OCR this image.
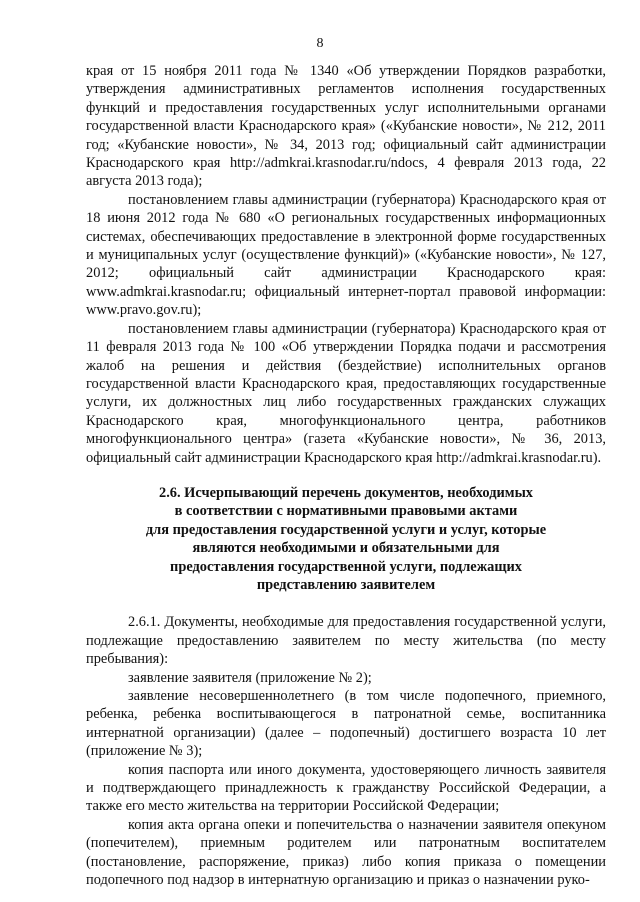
8

края от 15 ноября 2011 года № 1340 «Об утверждении Порядков разработки, утверждения административных регламентов исполнения государственных функций и предоставления государственных услуг исполнительными органами государственной власти Краснодарского края» («Кубанские новости», № 212, 2011 год; «Кубанские новости», № 34, 2013 год; официальный сайт администрации Краснодарского края http://admkrai.krasnodar.ru/ndocs, 4 февраля 2013 года, 22 августа 2013 года);

постановлением главы администрации (губернатора) Краснодарского края от 18 июня 2012 года № 680 «О региональных государственных информационных системах, обеспечивающих предоставление в электронной форме государственных и муниципальных услуг (осуществление функций)» («Кубанские новости», № 127, 2012; официальный сайт администрации Краснодарского края: www.admkrai.krasnodar.ru; официальный интернет-портал правовой информации: www.pravo.gov.ru);

постановлением главы администрации (губернатора) Краснодарского края от 11 февраля 2013 года № 100 «Об утверждении Порядка подачи и рассмотрения жалоб на решения и действия (бездействие) исполнительных органов государственной власти Краснодарского края, предоставляющих государственные услуги, их должностных лиц либо государственных гражданских служащих Краснодарского края, многофункционального центра, работников многофункционального центра» (газета «Кубанские новости», № 36, 2013, официальный сайт администрации Краснодарского края http://admkrai.krasnodar.ru).

2.6. Исчерпывающий перечень документов, необходимых
в соответствии с нормативными правовыми актами
для предоставления государственной услуги и услуг, которые
являются необходимыми и обязательными для
предоставления государственной услуги, подлежащих
представлению заявителем

2.6.1. Документы, необходимые для предоставления государственной услуги, подлежащие предоставлению заявителем по месту жительства (по месту пребывания):

заявление заявителя (приложение № 2);

заявление несовершеннолетнего (в том числе подопечного, приемного, ребенка, ребенка воспитывающегося в патронатной семье, воспитанника интернатной организации) (далее – подопечный) достигшего возраста 10 лет (приложение № 3);

копия паспорта или иного документа, удостоверяющего личность заявителя и подтверждающего принадлежность к гражданству Российской Федерации, а также его место жительства на территории Российской Федерации;

копия акта органа опеки и попечительства о назначении заявителя опекуном (попечителем), приемным родителем или патронатным воспитателем (постановление, распоряжение, приказ) либо копия приказа о помещении подопечного под надзор в интернатную организацию и приказ о назначении руко-
